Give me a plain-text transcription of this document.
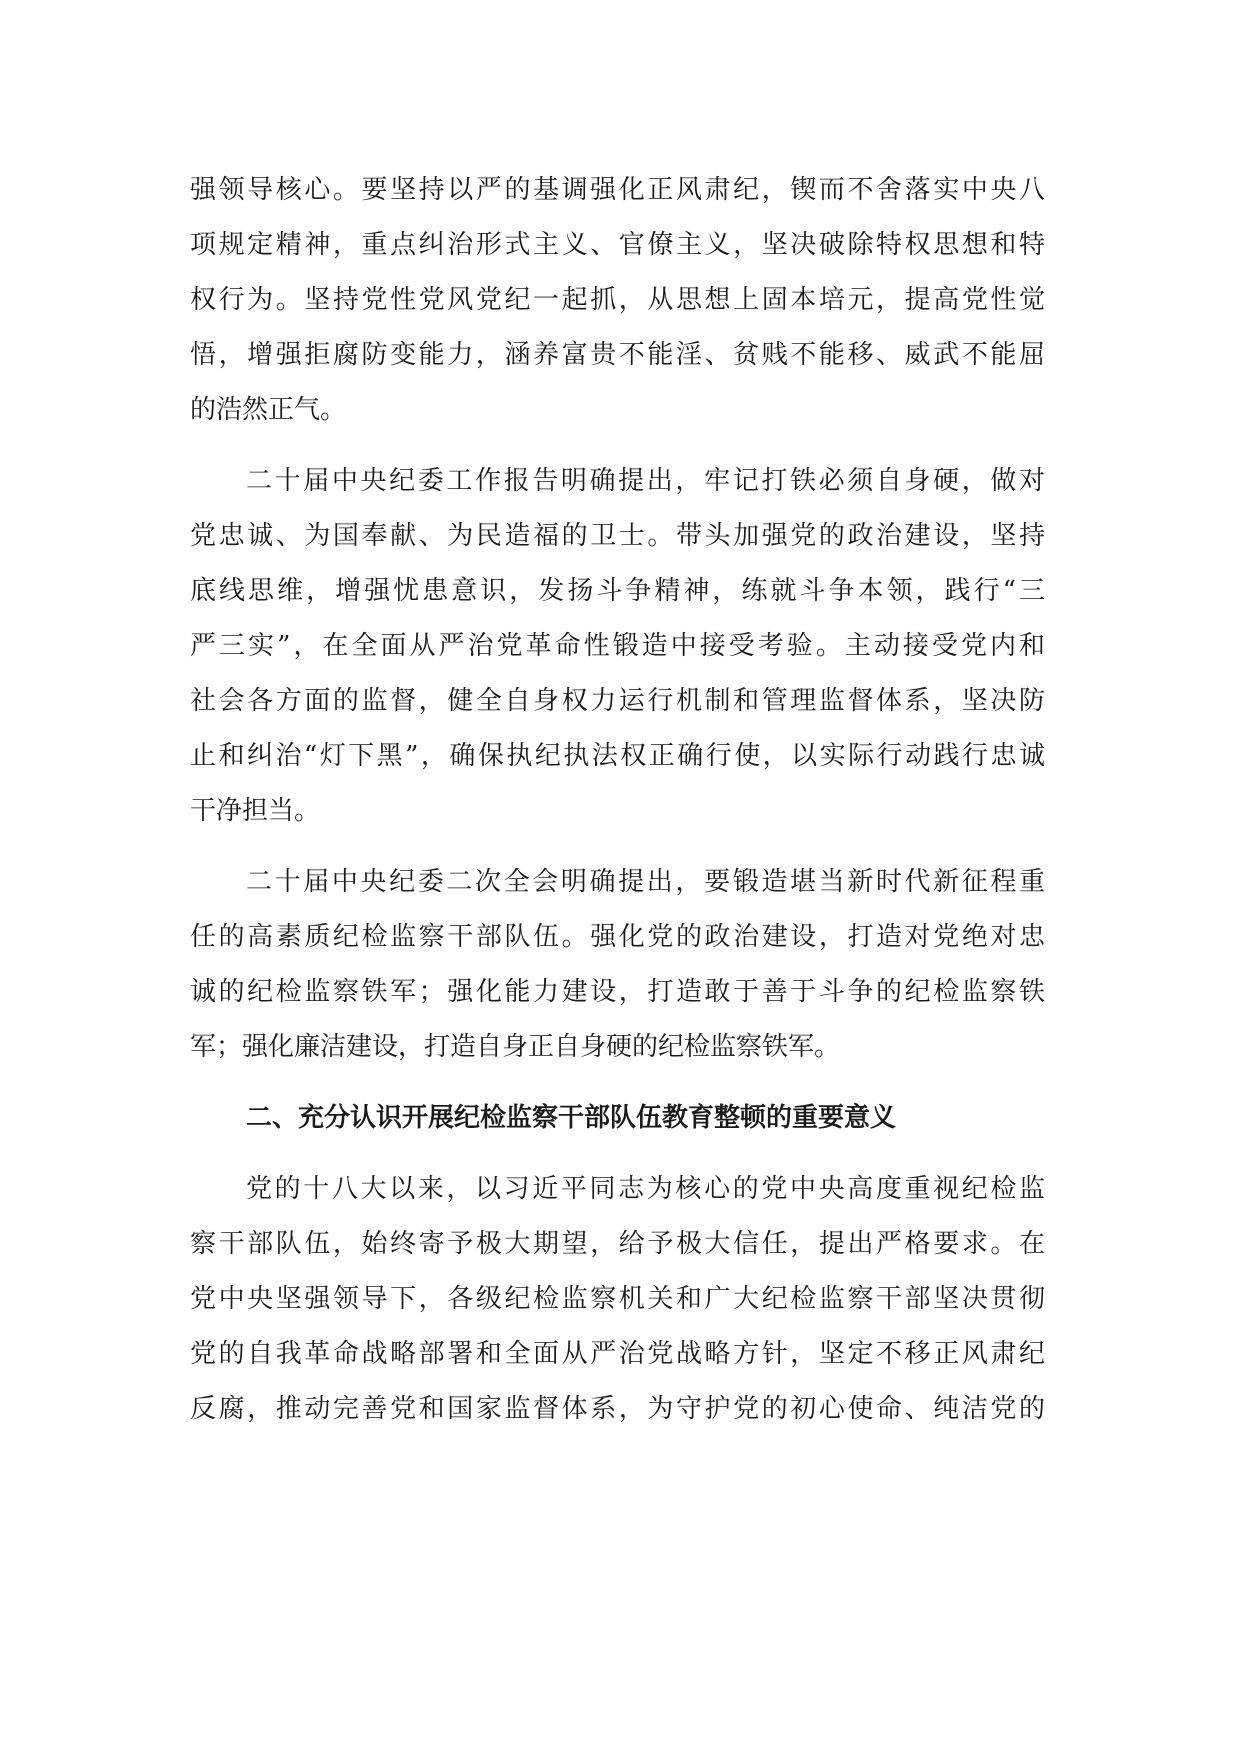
强领导核心。要坚持以严的基调强化正风肃纪，锲而不舍落实中央八
项规定精神，重点纠治形式主义、官僚主义，坚决破除特权思想和特
权行为。坚持党性党风党纪一起抓，从思想上固本培元，提高党性觉
悟，增强拒腐防变能力，涵养富贵不能淫、贫贱不能移、威武不能屈
的浩然正气。
二十届中央纪委工作报告明确提出，牢记打铁必须自身硬，做对
党忠诚、为国奉献、为民造福的卫士。带头加强党的政治建设，坚持
底线思维，增强忧患意识，发扬斗争精神，练就斗争本领，践行“三
严三实”，在全面从严治党革命性锻造中接受考验。主动接受党内和
社会各方面的监督，健全自身权力运行机制和管理监督体系，坚决防
止和纠治“灯下黑”，确保执纪执法权正确行使，以实际行动践行忠诚
干净担当。
二十届中央纪委二次全会明确提出，要锻造堪当新时代新征程重
任的高素质纪检监察干部队伍。强化党的政治建设，打造对党绝对忠
诚的纪检监察铁军；强化能力建设，打造敢于善于斗争的纪检监察铁
军；强化廉洁建设，打造自身正自身硬的纪检监察铁军。
二、充分认识开展纪检监察干部队伍教育整顿的重要意义
党的十八大以来，以习近平同志为核心的党中央高度重视纪检监
察干部队伍，始终寄予极大期望，给予极大信任，提出严格要求。在
党中央坚强领导下，各级纪检监察机关和广大纪检监察干部坚决贯彻
党的自我革命战略部署和全面从严治党战略方针，坚定不移正风肃纪
反腐，推动完善党和国家监督体系，为守护党的初心使命、纯洁党的
